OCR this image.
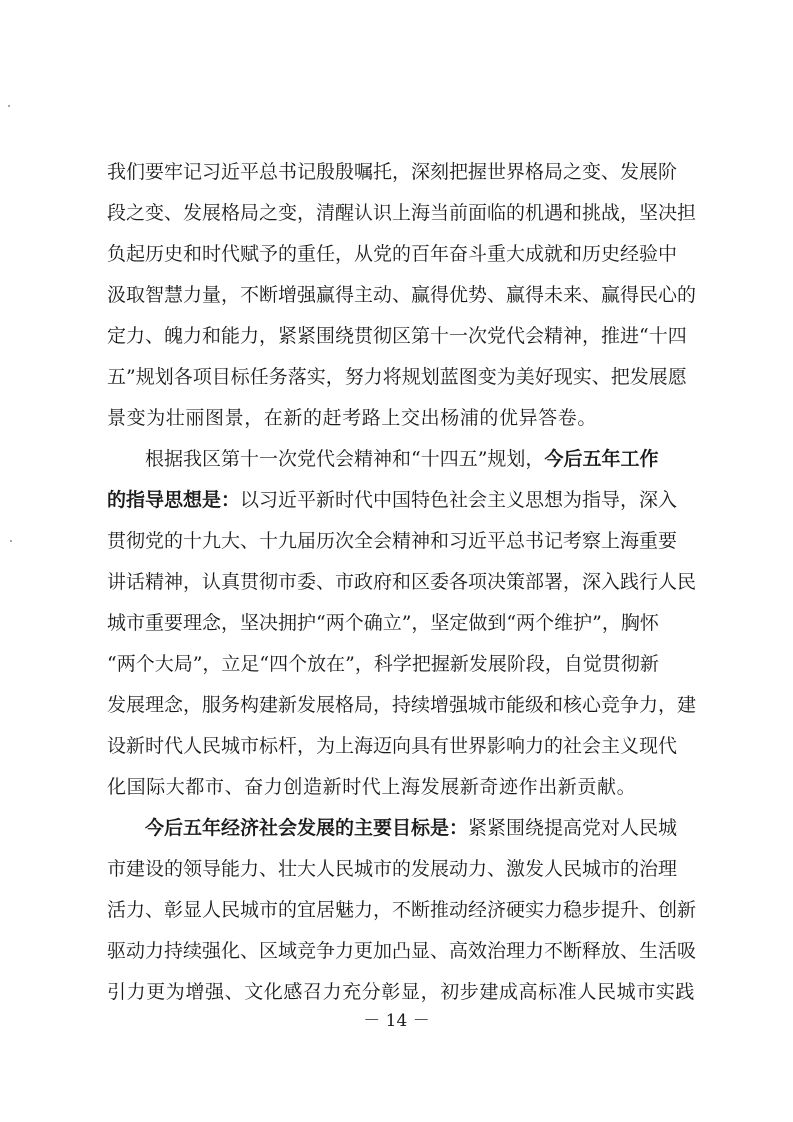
我们要牢记习近平总书记殷殷嘱托，深刻把握世界格局之变、发展阶
段之变、发展格局之变，清醒认识上海当前面临的机遇和挑战，坚决担
负起历史和时代赋予的重任，从党的百年奋斗重大成就和历史经验中
汲取智慧力量，不断增强赢得主动、赢得优势、赢得未来、赢得民心的
定力、魄力和能力，紧紧围绕贯彻区第十一次党代会精神，推进“十四
五”规划各项目标任务落实，努力将规划蓝图变为美好现实、把发展愿
景变为壮丽图景，在新的赶考路上交出杨浦的优异答卷。
根据我区第十一次党代会精神和“十四五”规划，今后五年工作
的指导思想是：以习近平新时代中国特色社会主义思想为指导，深入
贯彻党的十九大、十九届历次全会精神和习近平总书记考察上海重要
讲话精神，认真贯彻市委、市政府和区委各项决策部署，深入践行人民
城市重要理念，坚决拥护“两个确立”，坚定做到“两个维护”，胸怀
“两个大局”，立足“四个放在”，科学把握新发展阶段，自觉贯彻新
发展理念，服务构建新发展格局，持续增强城市能级和核心竞争力，建
设新时代人民城市标杆，为上海迈向具有世界影响力的社会主义现代
化国际大都市、奋力创造新时代上海发展新奇迹作出新贡献。
今后五年经济社会发展的主要目标是：紧紧围绕提高党对人民城
市建设的领导能力、壮大人民城市的发展动力、激发人民城市的治理
活力、彰显人民城市的宜居魅力，不断推动经济硬实力稳步提升、创新
驱动力持续强化、区域竞争力更加凸显、高效治理力不断释放、生活吸
引力更为增强、文化感召力充分彰显，初步建成高标准人民城市实践
－ 14 －
